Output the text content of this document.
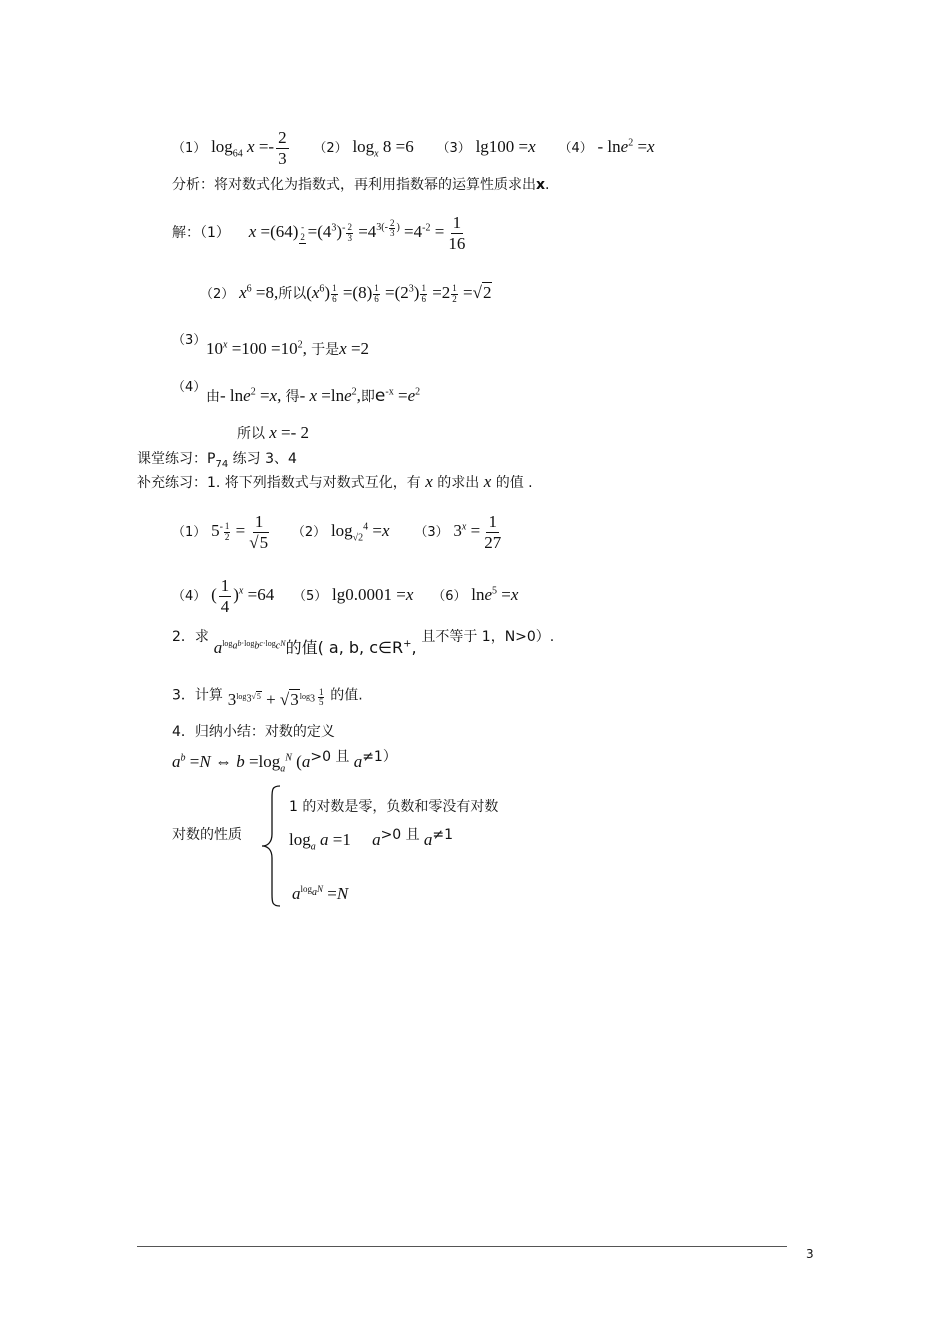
（1） $\log_{64} x =- \frac{2}{3} (2)$ $\log_x 8 =6$ （3） lg100 =x （4） - lne$^2$ =x
分析：将对数式化为指数式，再利用指数幂的运算性质求出x.
解：（1） x =(64) -
2
$=(4^3)^- \frac{2}{3} =4^{3(- \frac{2}{3} )} =4^{-2} = \frac{1}{16}$
（2） $x^6 =8$,所以$(x^6) \frac{1}{6} =(8) \frac{1}{6} =(2^3) \frac{1}{6} =2 \frac{1}{2} =√2$
（3） $10^x =100 =10^2$, 于是x =2
（4）
由- lne$^2$ =x, 得- x =lne$^2$,即$e^{-x} =e^2$
所以 x =- 2
课堂练习：$P_{74}$ 练习 3、4
补充练习：1. 将下列指数式与对数式互化，有 x 的求出 x 的值 .
（1） $5^- \frac{1}{2} = \frac{1}{√5} (2)$ $\log_{√2}^4 =x$ （3） $3^x = \frac{1}{27}$
（4） ( $\frac{1}{4} )^x =64$ （5） lg0.0001 =x （6） lne$^5$ =x
2．求 $a^{log_ab\cdot log_bc\cdot log_cN}$的值( a, b, c∈R+, 且不等于 1，N>0）.
3．计算 $3^{log_3√5} + √3^{log_3 \frac{1}{5}}$ 的值.
4．归纳小结：对数的定义
$a^b =N$ ⇔ $b =\log_a^N$ (a>0 且 a≠1）
对数的性质
1 的对数是零，负数和零没有对数
$\log_a a =1$     a>0 且 a≠1
$a^{log_aN} =N$
3
